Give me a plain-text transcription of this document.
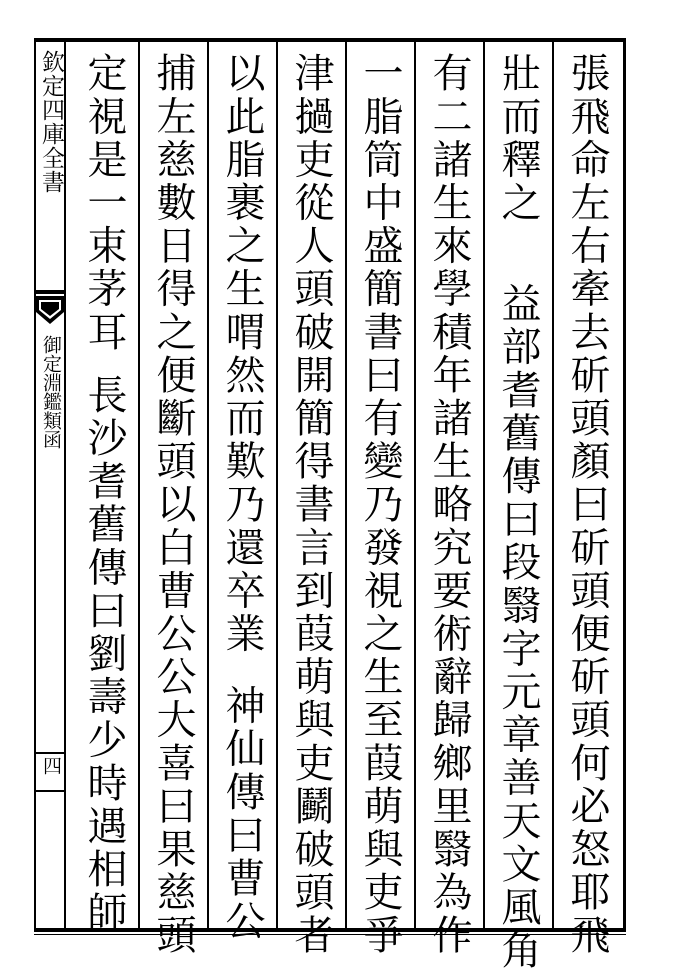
欽定四庫全書
御定淵鑑類函
四	張飛命左右牽去斫頭顏曰斫頭便斫頭何必怒耶飛
壯而釋之益部耆舊傳曰段翳字元章善天文風角
有二諸生來學積年諸生略究要術辭歸鄉里翳為作
一脂筒中盛簡書曰有變乃發視之生至葭萌與吏爭
津撾吏從人頭破開簡得書言到葭萌與吏鬬破頭者
以此脂裹之生喟然而歎乃還卒業神仙傳曰曹公
捕左慈數日得之便斷頭以白曹公公大喜曰果慈頭
定視是一束茅耳長沙耆舊傳曰劉壽少時遇相師
